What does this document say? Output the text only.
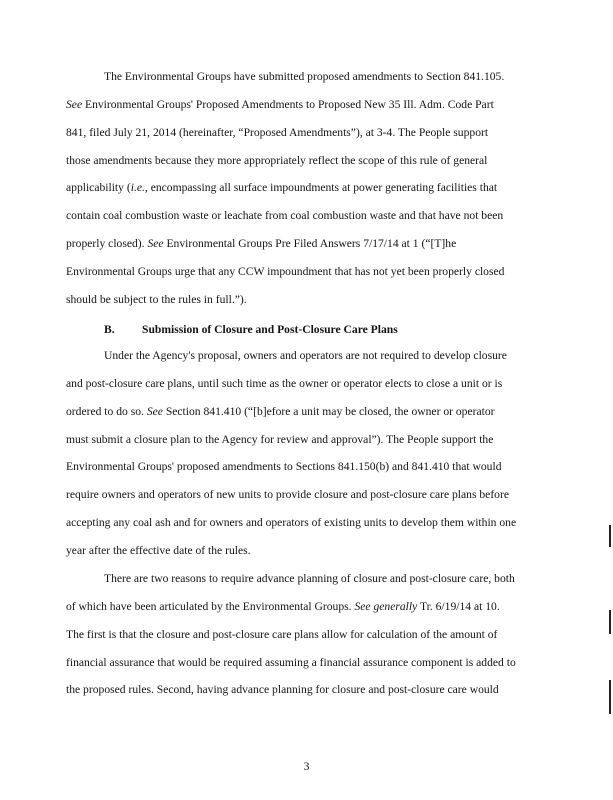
The Environmental Groups have submitted proposed amendments to Section 841.105.
See Environmental Groups' Proposed Amendments to Proposed New 35 Ill. Adm. Code Part
841, filed July 21, 2014 (hereinafter, “Proposed Amendments”), at 3-4. The People support
those amendments because they more appropriately reflect the scope of this rule of general
applicability (i.e., encompassing all surface impoundments at power generating facilities that
contain coal combustion waste or leachate from coal combustion waste and that have not been
properly closed). See Environmental Groups Pre Filed Answers 7/17/14 at 1 (“[T]he
Environmental Groups urge that any CCW impoundment that has not yet been properly closed
should be subject to the rules in full.”).

B. Submission of Closure and Post-Closure Care Plans

Under the Agency's proposal, owners and operators are not required to develop closure
and post-closure care plans, until such time as the owner or operator elects to close a unit or is
ordered to do so. See Section 841.410 (“[b]efore a unit may be closed, the owner or operator
must submit a closure plan to the Agency for review and approval”). The People support the
Environmental Groups' proposed amendments to Sections 841.150(b) and 841.410 that would
require owners and operators of new units to provide closure and post-closure care plans before
accepting any coal ash and for owners and operators of existing units to develop them within one
year after the effective date of the rules.

There are two reasons to require advance planning of closure and post-closure care, both
of which have been articulated by the Environmental Groups. See generally Tr. 6/19/14 at 10.
The first is that the closure and post-closure care plans allow for calculation of the amount of
financial assurance that would be required assuming a financial assurance component is added to
the proposed rules. Second, having advance planning for closure and post-closure care would

3
